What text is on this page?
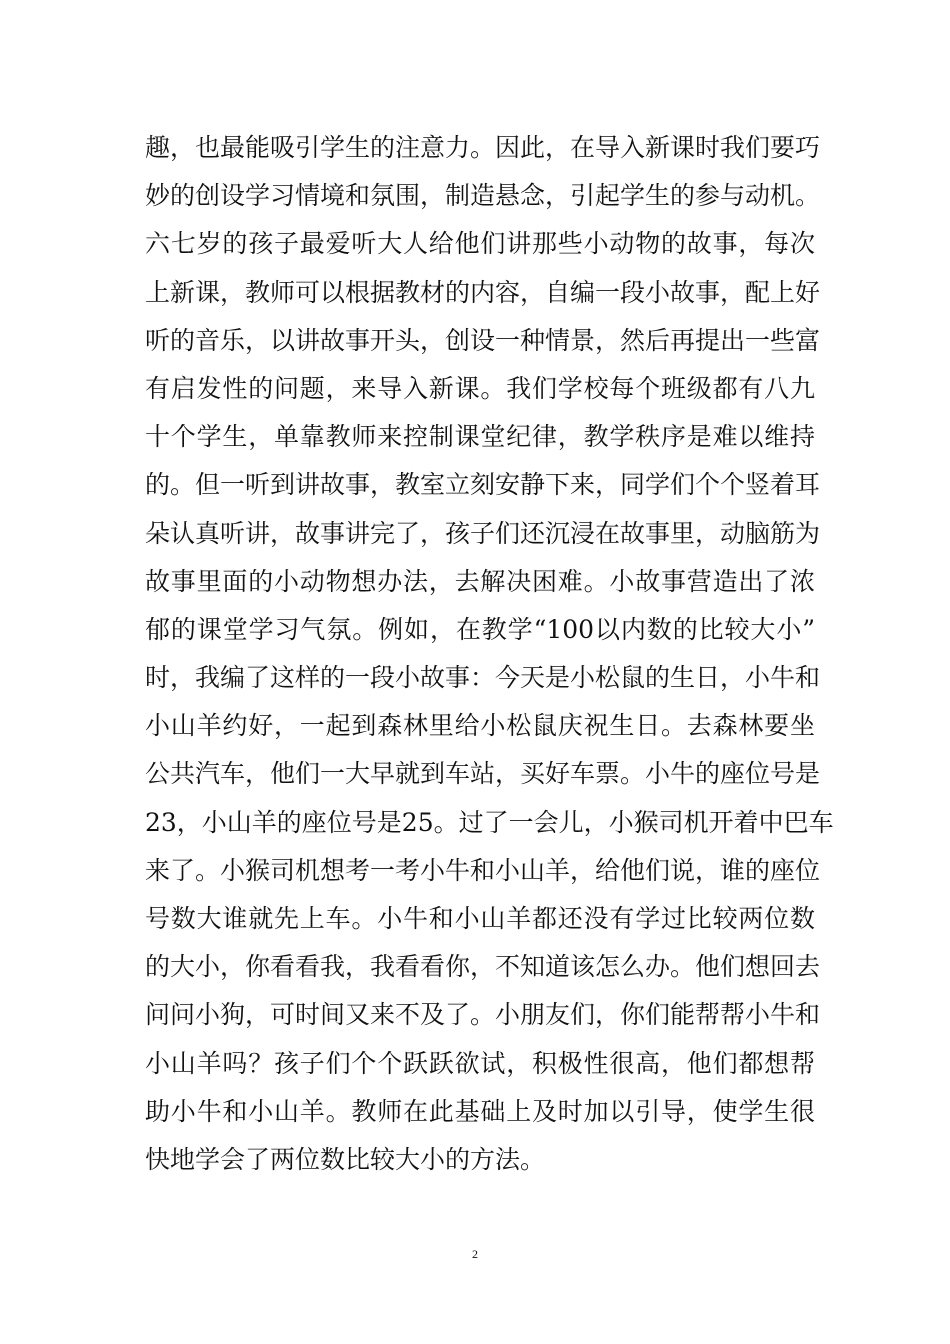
趣，也最能吸引学生的注意力。因此，在导入新课时我们要巧
妙的创设学习情境和氛围，制造悬念，引起学生的参与动机。
六七岁的孩子最爱听大人给他们讲那些小动物的故事，每次
上新课，教师可以根据教材的内容，自编一段小故事，配上好
听的音乐，以讲故事开头，创设一种情景，然后再提出一些富
有启发性的问题，来导入新课。我们学校每个班级都有八九
十个学生，单靠教师来控制课堂纪律，教学秩序是难以维持
的。但一听到讲故事，教室立刻安静下来，同学们个个竖着耳
朵认真听讲，故事讲完了，孩子们还沉浸在故事里，动脑筋为
故事里面的小动物想办法，去解决困难。小故事营造出了浓
郁的课堂学习气氛。例如，在教学“100以内数的比较大小”
时，我编了这样的一段小故事：今天是小松鼠的生日，小牛和
小山羊约好，一起到森林里给小松鼠庆祝生日。去森林要坐
公共汽车，他们一大早就到车站，买好车票。小牛的座位号是
23，小山羊的座位号是25。过了一会儿，小猴司机开着中巴车
来了。小猴司机想考一考小牛和小山羊，给他们说，谁的座位
号数大谁就先上车。小牛和小山羊都还没有学过比较两位数
的大小，你看看我，我看看你，不知道该怎么办。他们想回去
问问小狗，可时间又来不及了。小朋友们，你们能帮帮小牛和
小山羊吗？孩子们个个跃跃欲试，积极性很高，他们都想帮
助小牛和小山羊。教师在此基础上及时加以引导，使学生很
快地学会了两位数比较大小的方法。
2
